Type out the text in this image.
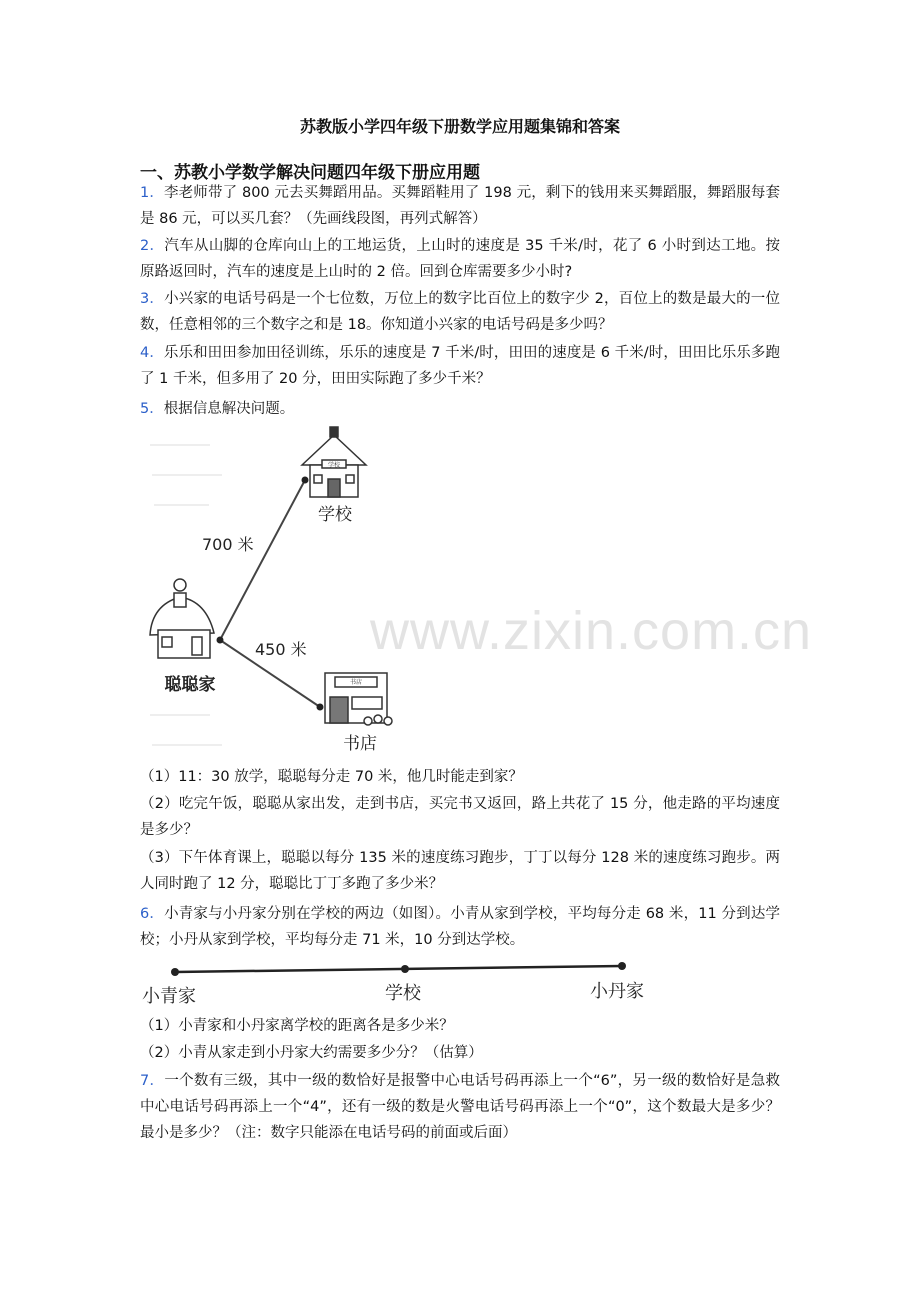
苏教版小学四年级下册数学应用题集锦和答案
一、苏教小学数学解决问题四年级下册应用题
1．李老师带了 800 元去买舞蹈用品。买舞蹈鞋用了 198 元，剩下的钱用来买舞蹈服，舞蹈服每套是 86 元，可以买几套？（先画线段图，再列式解答）
2．汽车从山脚的仓库向山上的工地运货，上山时的速度是 35 千米/时，花了 6 小时到达工地。按原路返回时，汽车的速度是上山时的 2 倍。回到仓库需要多少小时?
3．小兴家的电话号码是一个七位数，万位上的数字比百位上的数字少 2，百位上的数是最大的一位数，任意相邻的三个数字之和是 18。你知道小兴家的电话号码是多少吗？
4．乐乐和田田参加田径训练，乐乐的速度是 7 千米/时，田田的速度是 6 千米/时，田田比乐乐多跑了 1 千米，但多用了 20 分，田田实际跑了多少千米？
5．根据信息解决问题。
学校
学校
700 米
450 米
聪聪家	书店
书店
（1）11：30 放学，聪聪每分走 70 米，他几时能走到家？
（2）吃完午饭，聪聪从家出发，走到书店，买完书又返回，路上共花了 15 分，他走路的平均速度是多少？
（3）下午体育课上，聪聪以每分 135 米的速度练习跑步，丁丁以每分 128 米的速度练习跑步。两人同时跑了 12 分，聪聪比丁丁多跑了多少米？
6．小青家与小丹家分别在学校的两边（如图）。小青从家到学校，平均每分走 68 米，11 分到达学校；小丹从家到学校，平均每分走 71 米，10 分到达学校。
小青家	学校	小丹家
（1）小青家和小丹家离学校的距离各是多少米？
（2）小青从家走到小丹家大约需要多少分？（估算）
7．一个数有三级，其中一级的数恰好是报警中心电话号码再添上一个“6”，另一级的数恰好是急救中心电话号码再添上一个“4”，还有一级的数是火警电话号码再添上一个“0”，这个数最大是多少？最小是多少？（注：数字只能添在电话号码的前面或后面）
www.zixin.com.cn
